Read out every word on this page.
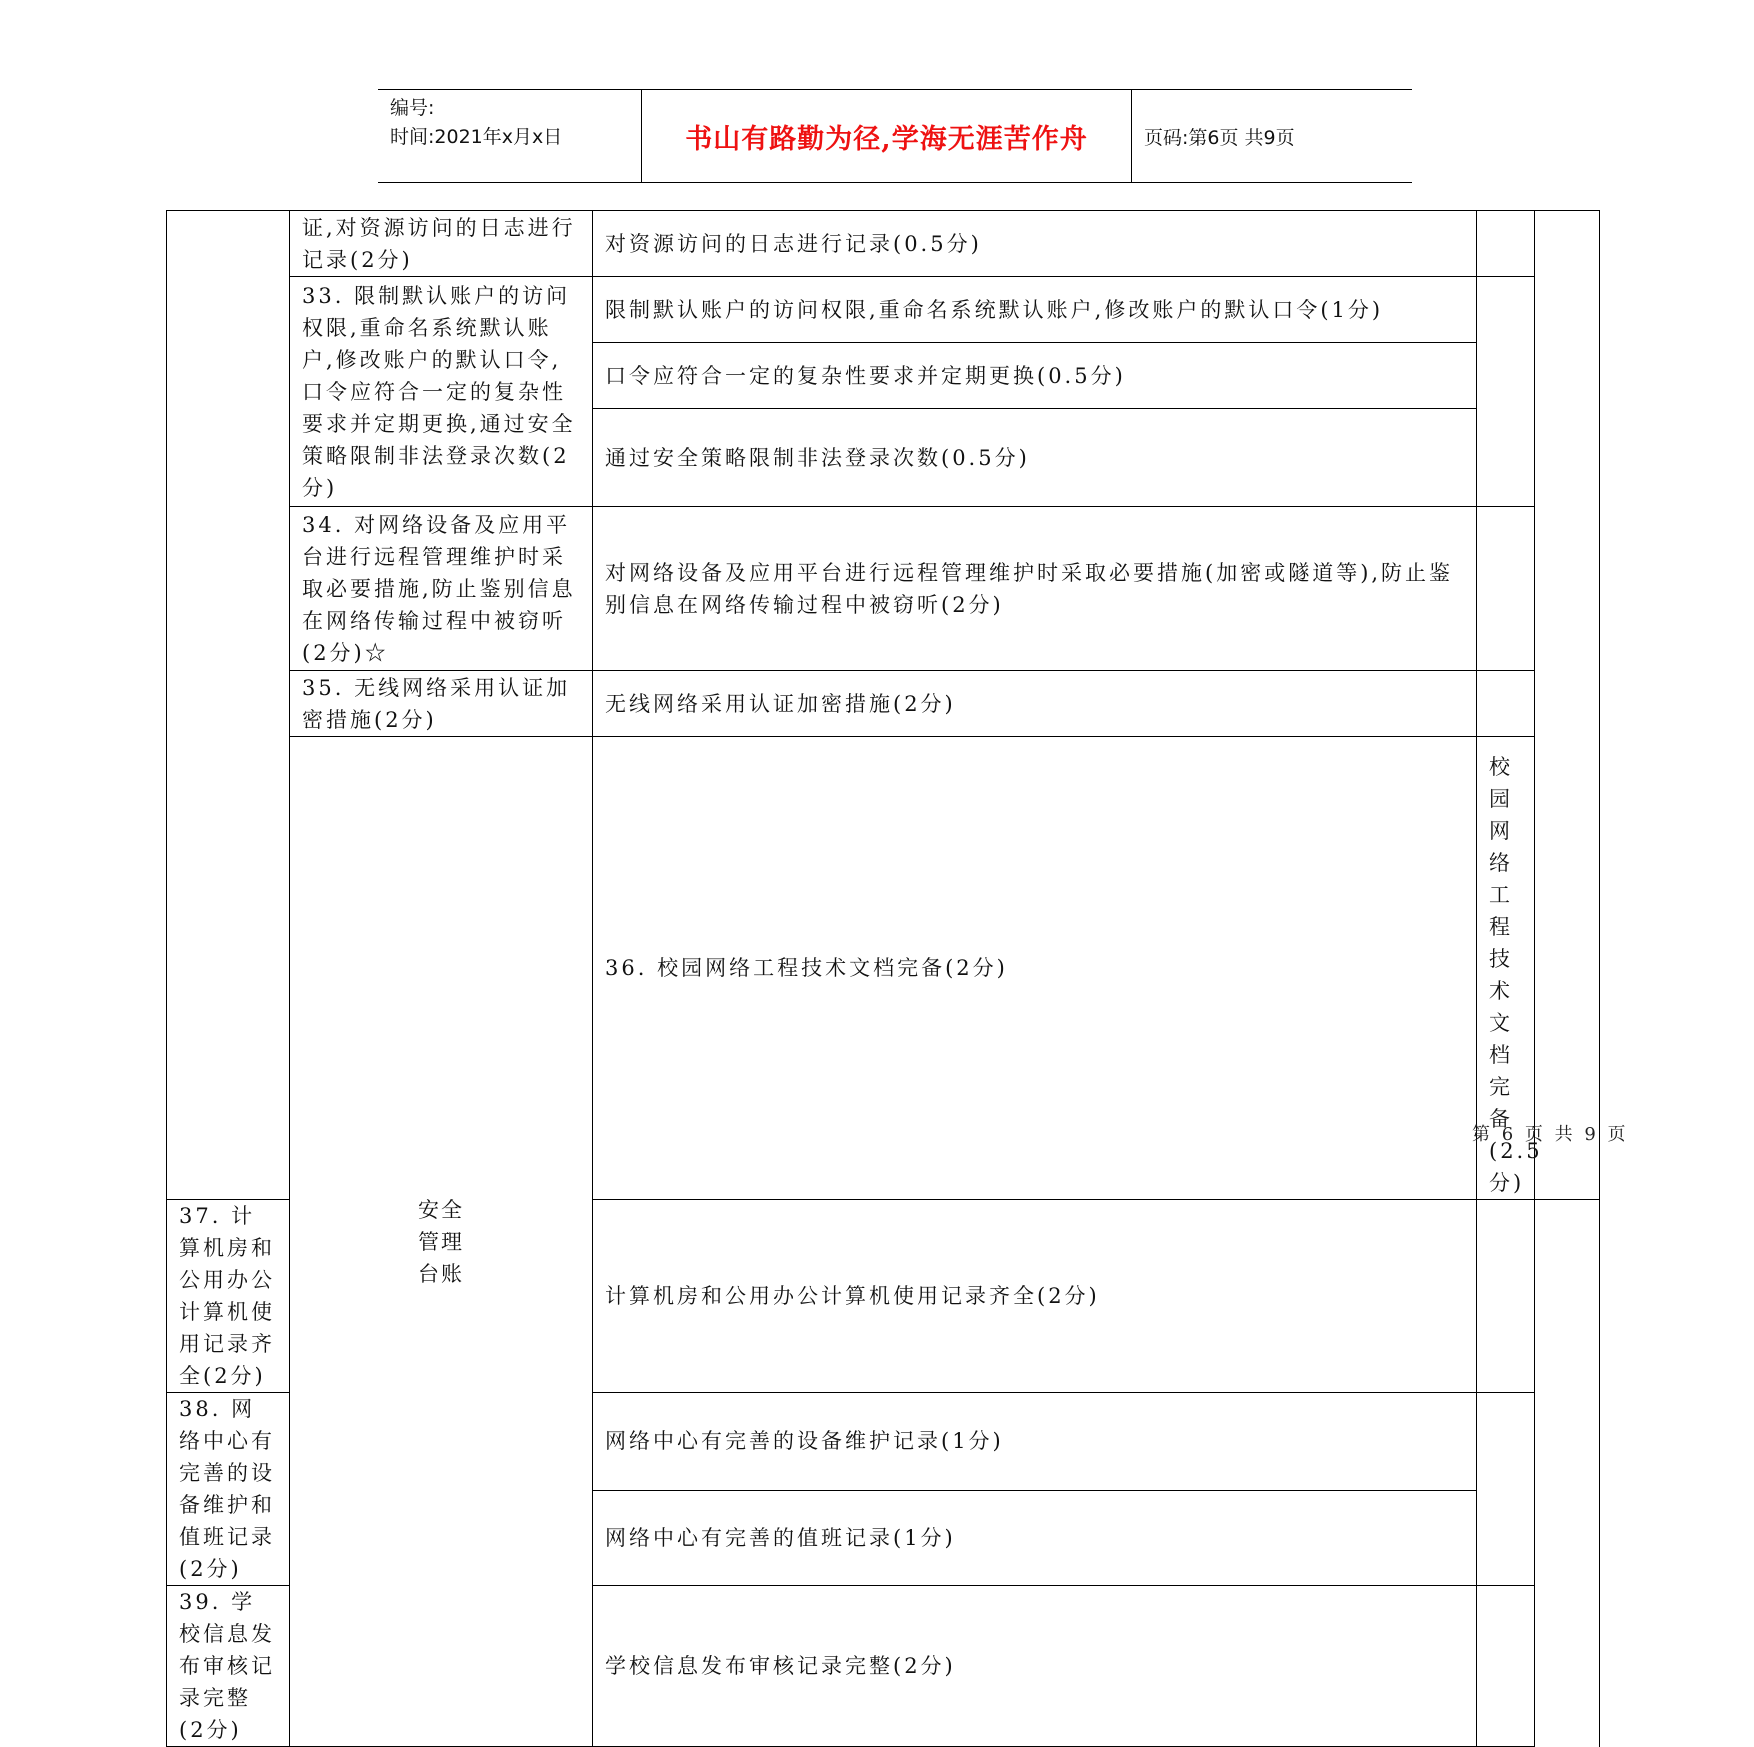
编号:
时间:2021年x月x日	书山有路勤为径,学海无涯苦作舟	页码:第6页 共9页
	证,对资源访问的日志进行记录(2分)	对资源访问的日志进行记录(0.5分)			
	33. 限制默认账户的访问权限,重命名系统默认账户,修改账户的默认口令,口令应符合一定的复杂性要求并定期更换,通过安全策略限制非法登录次数(2分)	限制默认账户的访问权限,重命名系统默认账户,修改账户的默认口令(1分)			
		口令应符合一定的复杂性要求并定期更换(0.5分)			
		通过安全策略限制非法登录次数(0.5分)			
	34. 对网络设备及应用平台进行远程管理维护时采取必要措施,防止鉴别信息在网络传输过程中被窃听(2分)☆	对网络设备及应用平台进行远程管理维护时采取必要措施(加密或隧道等),防止鉴别信息在网络传输过程中被窃听(2分)			
	35. 无线网络采用认证加密措施(2分)	无线网络采用认证加密措施(2分)			
	安全管理台账	36. 校园网络工程技术文档完备(2分)	校园网络工程技术文档完备(2.5分)		
37. 计算机房和公用办公计算机使用记录齐全(2分)		计算机房和公用办公计算机使用记录齐全(2分)			
38. 网络中心有完善的设备维护和值班记录(2分)		网络中心有完善的设备维护记录(1分)			
		网络中心有完善的值班记录(1分)			
39. 学校信息发布审核记录完整(2分)		学校信息发布审核记录完整(2分)			
第 6 页 共 9 页
